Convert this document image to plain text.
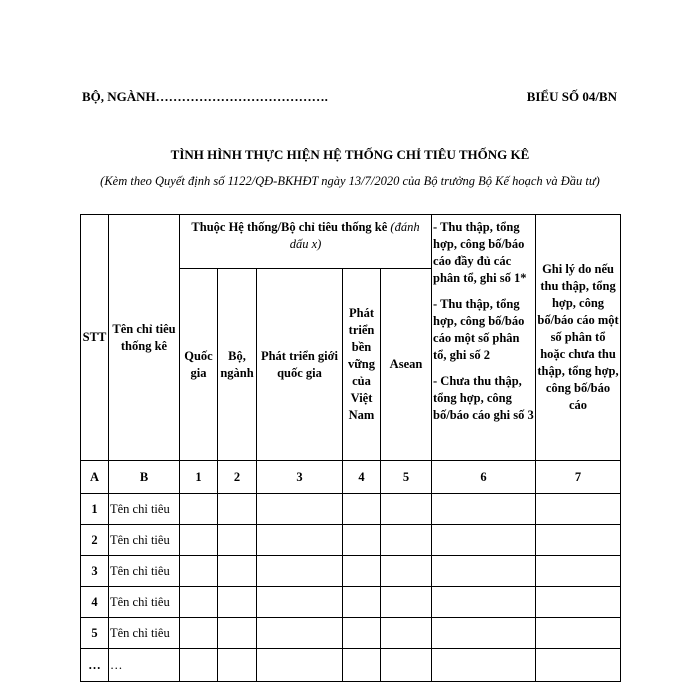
BỘ, NGÀNH………………………………….	BIỂU SỐ 04/BN
TÌNH HÌNH THỰC HIỆN HỆ THỐNG CHỈ TIÊU THỐNG KÊ
(Kèm theo Quyết định số 1122/QĐ-BKHĐT ngày 13/7/2020 của Bộ trưởng Bộ Kế hoạch và Đầu tư)
STT	Tên chỉ tiêu thống kê	Thuộc Hệ thống/Bộ chỉ tiêu thống kê (đánh dấu x)					- Thu thập, tổng hợp, công bố/báo cáo đầy đủ các phân tổ, ghi số 1*

- Thu thập, tổng hợp, công bố/báo cáo một số phân tổ, ghi số 2

- Chưa thu thập, tổng hợp, công bố/báo cáo ghi số 3	Ghi lý do nếu thu thập, tổng hợp, công bố/báo cáo một số phân tổ hoặc chưa thu thập, tổng hợp, công bố/báo cáo
		Quốc gia	Bộ, ngành	Phát triển giới quốc gia	Phát triển bền vững của Việt Nam	Asean		
A	B	1	2	3	4	5	6	7
1	Tên chỉ tiêu							
2	Tên chỉ tiêu							
3	Tên chỉ tiêu							
4	Tên chỉ tiêu							
5	Tên chỉ tiêu							
…	…							
